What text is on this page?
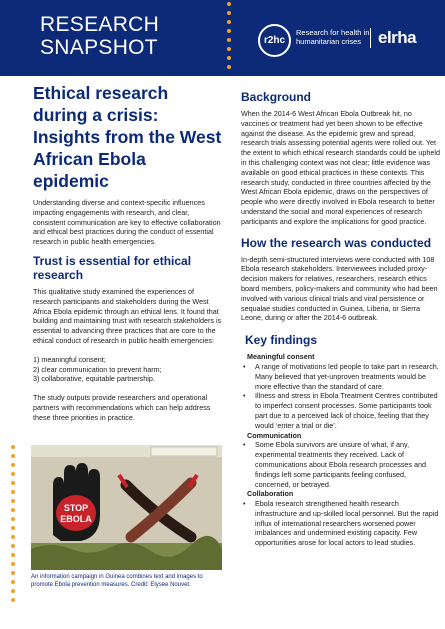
RESEARCH
SNAPSHOT	r2hc
Research for health in humanitarian crises elrha
Ethical research during a crisis: Insights from the West African Ebola epidemic
Understanding diverse and context-specific influences impacting engagements with research, and clear, consistent communication are key to effective collaboration and ethical best practices during the conduct of essential research in public health emergencies.
Trust is essential for ethical research
This qualitative study examined the experiences of research participants and stakeholders during the West Africa Ebola epidemic through an ethical lens. It found that building and maintaining trust with research stakeholders is essential to advancing three practices that are core to the ethical conduct of research in public health emergencies:
1) meaningful consent;
2) clear communication to prevent harm;
3) collaborative, equitable partnership.
The study outputs provide researchers and operational partners with recommendations which can help address these three priorities in practice.
STOP
EBOLA
An information campaign in Guinea combines text and images to promote Ebola prevention measures. Credit: Elysée Nouvet.
Background
When the 2014-6 West African Ebola Outbreak hit, no vaccines or treatment had yet been shown to be effective against the disease. As the epidemic grew and spread, research trials assessing potential agents were rolled out. Yet the extent to which ethical research standards could be upheld in this challenging context was not clear; little evidence was available on good ethical practices in these contexts. This research study, conducted in three countries affected by the West African Ebola epidemic, draws on the perspectives of people who were directly involved in Ebola research to better understand the social and moral experiences of research participants and explore the implications for good practice.
How the research was conducted
In-depth semi-structured interviews were conducted with 108 Ebola research stakeholders. Interviewees included proxy-decision makers for relatives, researchers, research ethics board members, policy-makers and community who had been involved with various clinical trials and viral persistence or sequalae studies conducted in Guinea, Liberia, or Sierra Leone, during or after the 2014-6 outbreak.
Key findings
Meaningful consent
• A range of motivations led people to take part in research. Many believed that yet-unproven treatments would be more effective than the standard of care.
• Illness and stress in Ebola Treatment Centres contributed to imperfect consent processes. Some participants took part due to a perceived lack of choice, feeling that they would ‘enter a trial or die’.
Communication
• Some Ebola survivors are unsure of what, if any, experimental treatments they received. Lack of communications about Ebola research processes and findings left some participants feeling confused, concerned, or betrayed.
Collaboration
• Ebola research strengthened health research infrastructure and up-skilled local personnel. But the rapid influx of international researchers worsened power imbalances and undermined existing capacity. Few opportunities arose for local actors to lead studies.
